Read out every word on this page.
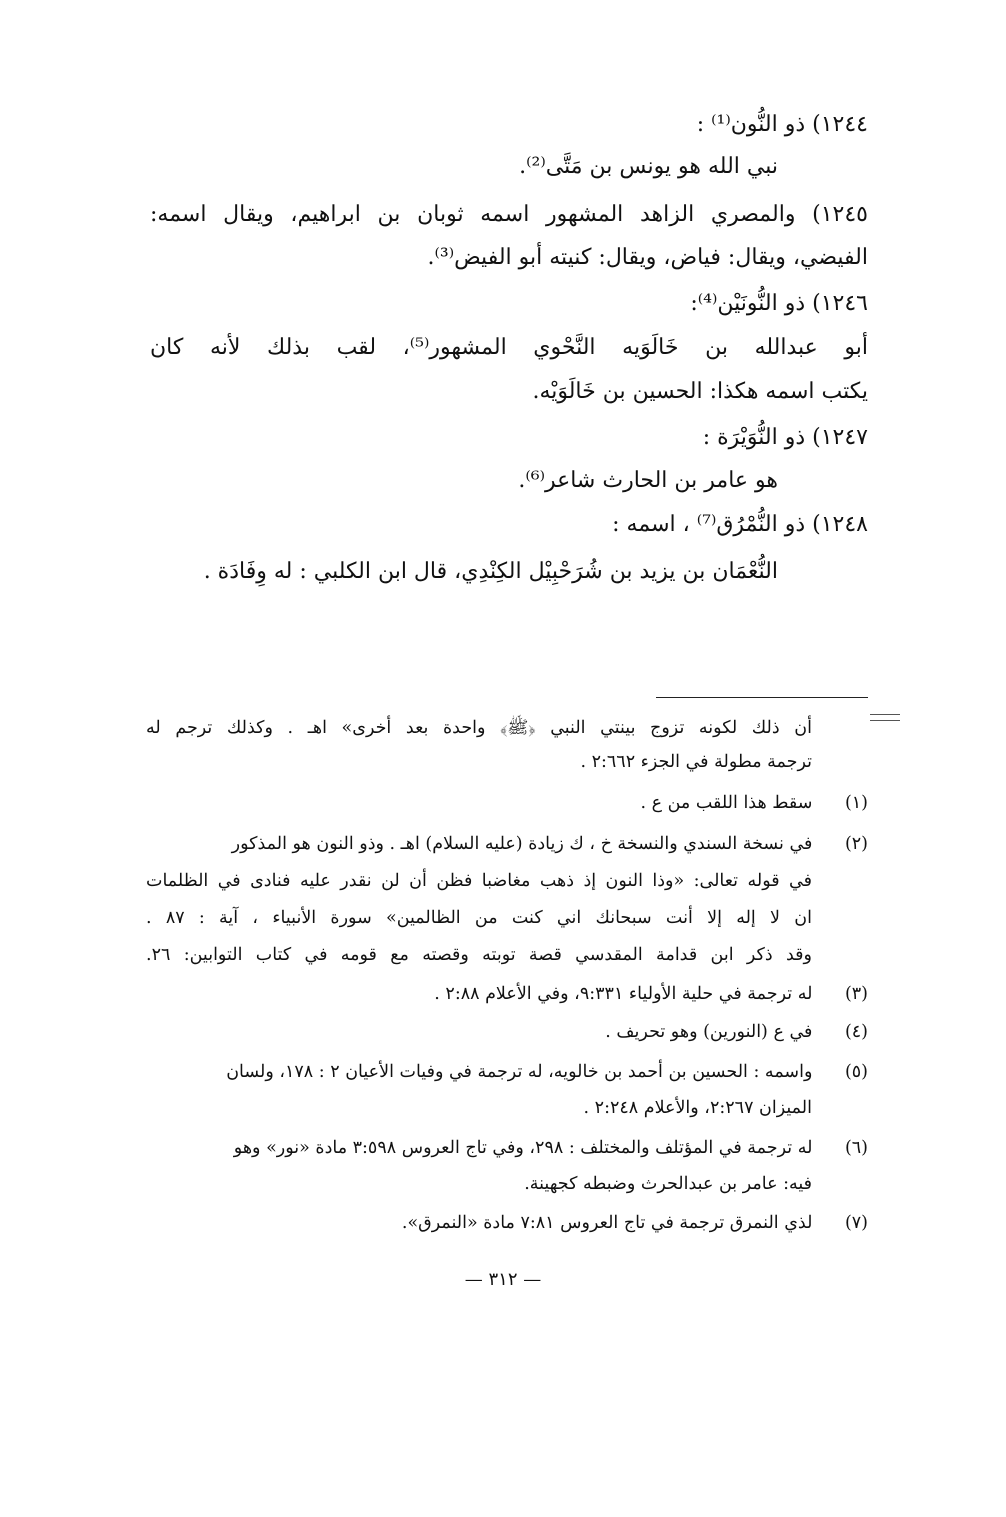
١٢٤٤) ذو النُّون⁽¹⁾ :
نبي الله هو يونس بن مَتَّى⁽²⁾.
١٢٤٥) والمصري الزاهد المشهور اسمه ثوبان بن ابراهيم، ويقال اسمه:
الفيضي، ويقال: فياض، ويقال: كنيته أبو الفيض⁽³⁾.
١٢٤٦) ذو النُّونَيْن⁽⁴⁾:
أبو عبدالله بن خَالَوَيه النَّحْوي المشهور⁽⁵⁾، لقب بذلك لأنه كان
يكتب اسمه هكذا: الحسين بن خَالَوَيْه.
١٢٤٧) ذو النُّوَيْرَة :
هو عامر بن الحارث شاعر⁽⁶⁾.
١٢٤٨) ذو النُّمْرُق⁽⁷⁾ ، اسمه :
النُّعْمَان بن يزيد بن شُرَحْبِيْل الكِنْدِي، قال ابن الكلبي : له وِفَادَة .
أن ذلك لكونه تزوج بينتي النبي ﴿ﷺ﴾ واحدة بعد أخرى» اهـ . وكذلك ترجم له
ترجمة مطولة في الجزء ٢:٦٦٢ .
(١) سقط هذا اللقب من ع .
(٢) في نسخة السندي والنسخة خ ، ك زيادة (عليه السلام) اهـ . وذو النون هو المذكور
في قوله تعالى: «وذا النون إذ ذهب مغاضبا فظن أن لن نقدر عليه فنادى في الظلمات
ان لا إله إلا أنت سبحانك اني كنت من الظالمين» سورة الأنبياء ، آية : ٨٧ .
وقد ذكر ابن قدامة المقدسي قصة توبته وقصته مع قومه في كتاب التوابين: ٢٦.
(٣) له ترجمة في حلية الأولياء ٩:٣٣١، وفي الأعلام ٢:٨٨ .
(٤) في ع (النورين) وهو تحريف .
(٥) واسمه : الحسين بن أحمد بن خالويه، له ترجمة في وفيات الأعيان ٢ : ١٧٨، ولسان
الميزان ٢:٢٦٧، والأعلام ٢:٢٤٨ .
(٦) له ترجمة في المؤتلف والمختلف : ٢٩٨، وفي تاج العروس ٣:٥٩٨ مادة «نور» وهو
فيه: عامر بن عبدالحرث وضبطه كجهينة.
(٧) لذي النمرق ترجمة في تاج العروس ٧:٨١ مادة «النمرق».
— ٣١٢ —
